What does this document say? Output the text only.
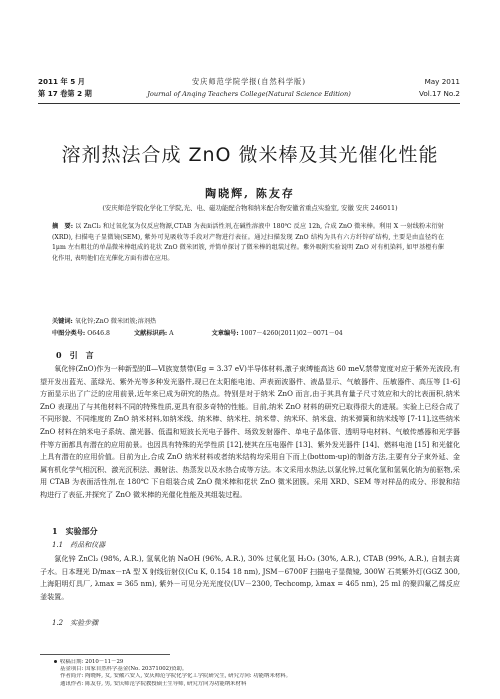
2011 年 5 月
第 17 卷第 2 期
安庆师范学院学报(自然科学版)
Journal of Anqing Teachers College(Natural Science Edition)
May 2011
Vol.17 No.2
溶剂热法合成 ZnO 微米棒及其光催化性能
陶晓辉, 陈友存
(安庆师范学院化学化工学院,光、电、磁功能配合物和纳米配合物安徽省重点实验室, 安徽 安庆 246011)
摘　要: 以 ZnCl₂ 和过氧化氢为仅反应物源,CTAB 为表面活性剂,在碱性溶液中 180℃ 反应 12h, 合成 ZnO 微米棒。利用 X 一射线粉末衍射(XRD), 扫描电子显微镜(SEM), 紫外可见吸收等手段对产物进行表征。通过扫描发现 ZnO 结构为具有六方纤锌矿结构, 主要是由直径约在 1μm 左右粗壮的单晶微米棒组成的花状 ZnO 微米团簇, 并简单探讨了微米棒的组装过程。紫外吸附实验说明 ZnO 对有机染料, 如甲基橙有催化作用, 表明他们在光催化方面有潜在应用。
关键词: 氧化锌;ZnO 微米团簇;溶剂热
中图分类号: O646.8	文献标识码: A	文章编号: 1007－4260(2011)02－0071－04
0　引　言

氧化锌(ZnO)作为一种新型的Ⅱ—Ⅵ族宽禁带(Eg = 3.37 eV)半导体材料,激子束缚能高达 60 meV,禁带宽度对应于紫外光波段,有望开发出蓝光、蓝绿光、紫外光等多种发光器件,现已在太阳能电池、声表面波器件、液晶显示、气敏器件、压敏器件、高压等 [1-6] 方面显示出了广泛的应用前景,近年来已成为研究的热点。特别是对于纳米 ZnO 而言,由于其具有量子尺寸效应和大的比表面积,纳米 ZnO 表现出了与其他材料不同的特殊性质,更具有很多奇特的性能。目前,纳米 ZnO 材料的研究已取得很大的进展。实验上已经合成了不同形貌、不同维度的 ZnO 纳米材料,如纳米线、纳米棒、纳米柱、纳米带、纳米环、纳米盘、纳米弹簧和纳米线等 [7-11],这些纳米 ZnO 材料在纳米电子系统、激光器、低温和短波长光电子器件、场致发射器件、单电子晶体管、透明导电材料、气敏传感器和光学器件等方面都具有潜在的应用前景。也因具有特殊的光学性质 [12],使其在压电器件 [13]、紫外发光器件 [14]、燃料电池 [15] 和光催化上具有潜在的应用价值。目前为止,合成 ZnO 纳米材料或者纳米结构均采用自下而上(bottom-up)的制备方法,主要有分子束外延、金属有机化学气相沉积、激光沉积法、溅射法、热蒸发以及水热合成等方法。本文采用水热法,以氯化锌,过氧化氢和氢氧化钠为前驱物,采用 CTAB 为表面活性剂,在 180℃ 下自组装合成 ZnO 微米棒和花状 ZnO 微米团簇。采用 XRD、SEM 等对样品的成分、形貌和结构进行了表征,并探究了 ZnO 微米棒的光催化性能及其组装过程。

1　实验部分
1.1　药品和仪器

氯化锌 ZnCl₂ (98%, A.R.), 氢氧化钠 NaOH (96%, A.R.), 30% 过氧化氢 H₂O₂ (30%, A.R.), CTAB (99%, A.R.), 自制去离子水。日本理光 D/max－rA 型 X 射线衍射仪(Cu K, 0.154 18 nm), JSM－6700F 扫描电子显微镜, 300W 石英紫外灯(GGZ 300, 上海阳明灯具厂, λmax = 365 nm), 紫外－可见分光光度仪(UV－2300, Techcomp, λmax = 465 nm), 25 ml 的聚四氟乙烯反应釜装置。

1.2　实验步骤
收稿日期: 2010－11－29
基金项目: 国家自然科学基金(No. 20371002)资助。
作者简介: 陶晓辉, 女, 安徽六安人, 安庆师范学院化学化工学院研究生, 研究方向: 功能纳米材料。
通讯作者: 陈友存, 男, 安庆师范学院教授硕士生导师, 研究方向为功能纳米材料
